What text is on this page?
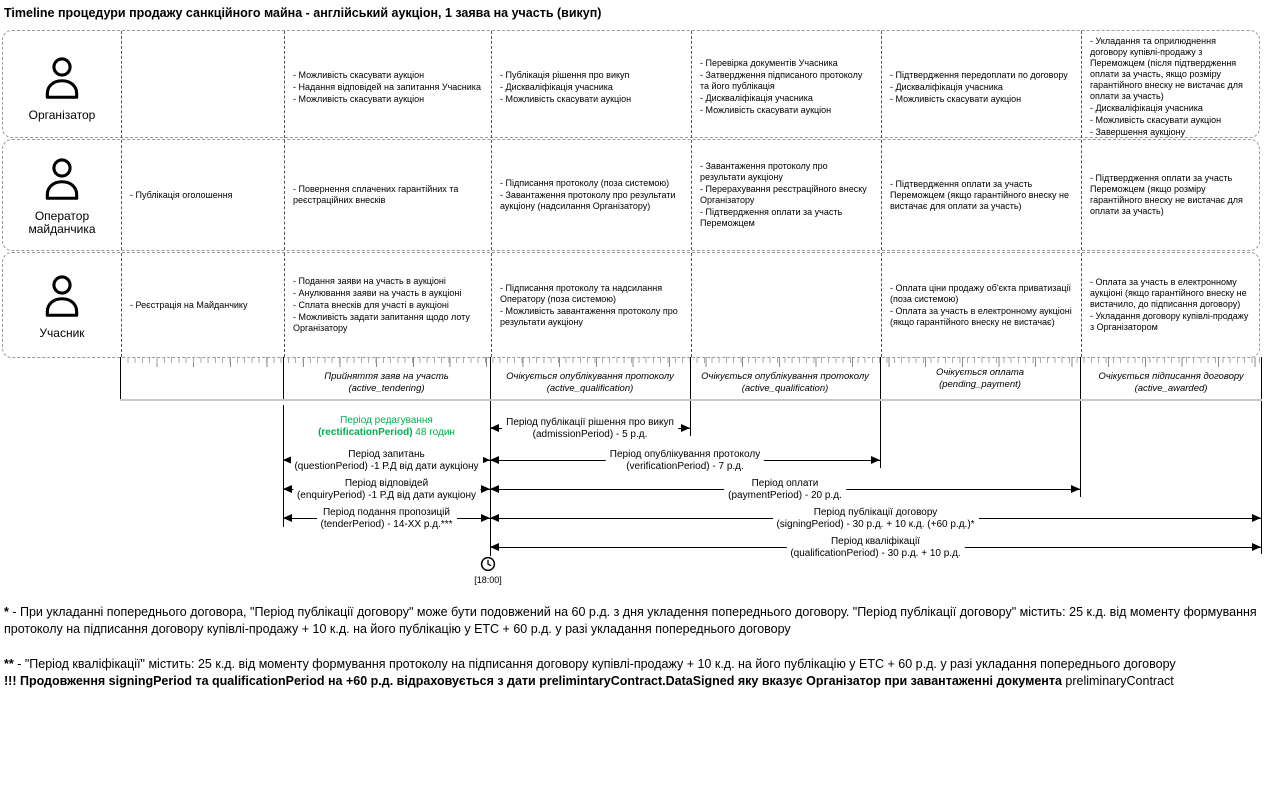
Timeline процедури продажу санкційного майна - англійський аукціон, 1 заява на участь (викуп)
Організатор
- Можливість скасувати аукціон
- Надання відповідей на запитання Учасника
- Можливість скасувати аукціон
- Публікація рішення про викуп
- Дискваліфікація учасника
- Можливість скасувати аукціон
- Перевірка документів Учасника
- Затвердження підписаного протоколу та його публікація
- Дискваліфікація учасника
- Можливість скасувати аукціон
- Підтвердження передоплати по договору
- Дискваліфікація учасника
- Можливість скасувати аукціон
- Укладання та оприлюднення договору купівлі-продажу з Переможцем (після підтвердження оплати за участь, якщо розміру гарантійного внеску не вистачає для оплати за участь)
- Дискваліфікація учасника
- Можливість скасувати аукціон
- Завершення аукціону
Оператор майданчика
- Публікація оголошення
- Повернення сплачених гарантійних та реєстраційних внесків
- Підписання протоколу (поза системою)
- Завантаження протоколу про результати аукціону (надсилання Організатору)
- Завантаження протоколу про результати аукціону
- Перерахування реєстраційного внеску Організатору
- Підтвердження оплати за участь Переможцем
- Підтвердження оплати за участь Переможцем (якщо гарантійного внеску не вистачає для оплати за участь)
- Підтвердження оплати за участь Переможцем (якщо розміру гарантійного внеску не вистачає для оплати за участь)
Учасник
- Реєстрація на Майданчику
- Подання заяви на участь в аукціоні
- Анулювання заяви на участь в аукціоні
- Сплата внесків для участі в аукціоні
- Можливість задати запитання щодо лоту Організатору
- Підписання протоколу та надсилання Оператору (поза системою)
- Можливість завантаження протоколу про результати аукціону
- Оплата ціни продажу об'єкта приватизації (поза системою)
- Оплата за участь в електронному аукціоні (якщо гарантійного внеску не вистачає)
- Оплата за участь в електронному аукціоні (якщо гарантійного внеску не вистачило, до підписання договору)
- Укладання договору купівлі-продажу з Організатором
Прийняття заяв на участь
(active_tendering)
Очікується опублікування протоколу
(active_qualification)
Очікується опублікування протоколу
(active_qualification)
Очікується оплата
(pending_payment)
Очікується підписання договору
(active_awarded)
Період редагування
(rectificationPeriod) 48 годин
Період публікації рішення про викуп
(admissionPeriod) - 5 р.д.
Період запитань
(questionPeriod) -1 Р.Д від дати аукціону
Період опублікування протоколу
(verificationPeriod) - 7 р.д.
Період відповідей
(enquiryPeriod) -1 Р.Д від дати аукціону
Період оплати
(paymentPeriod) - 20 р.д.
Період подання пропозицій
(tenderPeriod) - 14-XX р.д.***
Період публікації договору
(signingPeriod) - 30 р.д. + 10 к.д. (+60 р.д.)*
Період кваліфікації
(qualificationPeriod) - 30 р.д. + 10 р.д.
[18:00]

* - При укладанні попереднього договора, "Період публікації договору" може бути подовжений на 60 р.д. з дня укладення попереднього договору. "Період публікації договору" містить: 25 к.д. від моменту формування протоколу на підписання договору купівлі-продажу + 10 к.д. на його публікацію у ЕТС + 60 р.д. у разі укладання попереднього договору

** - "Період кваліфікації" містить: 25 к.д. від моменту формування протоколу на підписання договору купівлі-продажу + 10 к.д. на його публікацію у ЕТС + 60 р.д. у разі укладання попереднього договору

!!! Продовження signingPeriod та qualificationPeriod на +60 р.д. відраховується з дати prelimintaryContract.DataSigned яку вказує Організатор при завантаженні документа preliminaryContract
